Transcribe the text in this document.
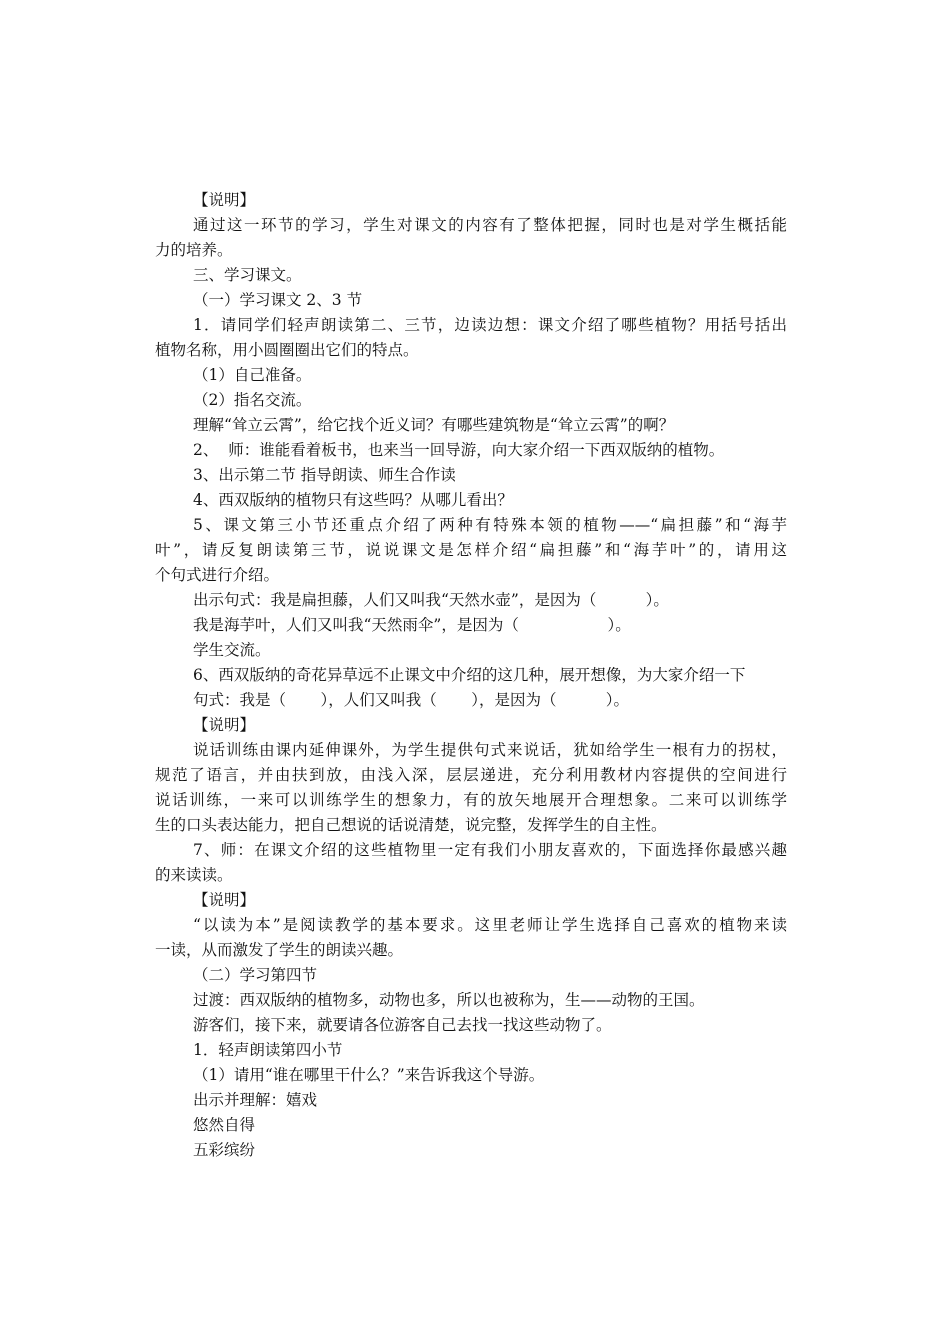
【说明】
通过这一环节的学习，学生对课文的内容有了整体把握，同时也是对学生概括能
力的培养。
三、学习课文。
（一）学习课文 2、3 节
1．请同学们轻声朗读第二、三节，边读边想：课文介绍了哪些植物？用括号括出
植物名称，用小圆圈圈出它们的特点。
（1）自己准备。
（2）指名交流。
理解“耸立云霄”，给它找个近义词？有哪些建筑物是“耸立云霄”的啊？
2、  师：谁能看着板书，也来当一回导游，向大家介绍一下西双版纳的植物。
3、出示第二节 指导朗读、师生合作读
4、西双版纳的植物只有这些吗？从哪儿看出？
5、课文第三小节还重点介绍了两种有特殊本领的植物——“扁担藤”和“海芋
叶”，请反复朗读第三节，说说课文是怎样介绍“扁担藤”和“海芋叶”的，请用这
个句式进行介绍。
出示句式：我是扁担藤，人们又叫我“天然水壶”，是因为（          ）。
我是海芋叶，人们又叫我“天然雨伞”，是因为（                  ）。
学生交流。
6、西双版纳的奇花异草远不止课文中介绍的这几种，展开想像，为大家介绍一下
句式：我是（       ），人们又叫我（       ），是因为（          ）。
【说明】
说话训练由课内延伸课外，为学生提供句式来说话，犹如给学生一根有力的拐杖，
规范了语言，并由扶到放，由浅入深，层层递进，充分利用教材内容提供的空间进行
说话训练，一来可以训练学生的想象力，有的放矢地展开合理想象。二来可以训练学
生的口头表达能力，把自己想说的话说清楚，说完整，发挥学生的自主性。
7、师：在课文介绍的这些植物里一定有我们小朋友喜欢的，下面选择你最感兴趣
的来读读。
【说明】
“以读为本”是阅读教学的基本要求。这里老师让学生选择自己喜欢的植物来读
一读，从而激发了学生的朗读兴趣。
（二）学习第四节
过渡：西双版纳的植物多，动物也多，所以也被称为，生——动物的王国。
游客们，接下来，就要请各位游客自己去找一找这些动物了。
1．轻声朗读第四小节
（1）请用“谁在哪里干什么？”来告诉我这个导游。
出示并理解：嬉戏
悠然自得
五彩缤纷
